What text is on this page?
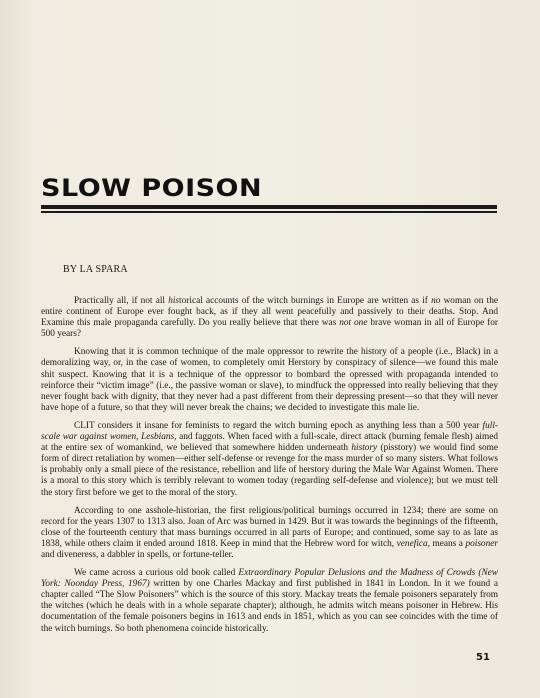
SLOW POISON

BY LA SPARA

Practically all, if not all historical accounts of the witch burnings in Europe are written as if no woman on the entire continent of Europe ever fought back, as if they all went peacefully and passively to their deaths. Stop. And Examine this male propaganda carefully. Do you really believe that there was not one brave woman in all of Europe for 500 years?

Knowing that it is common technique of the male oppressor to rewrite the history of a people (i.e., Black) in a demoralizing way, or, in the case of women, to completely omit Herstory by conspiracy of silence—we found this male shit suspect. Knowing that it is a technique of the oppressor to bombard the opressed with propaganda intended to reinforce their “victim image” (i.e., the passive woman or slave), to mindfuck the oppressed into really believing that they never fought back with dignity, that they never had a past different from their depressing present—so that they will never have hope of a future, so that they will never break the chains; we decided to investigate this male lie.

CLIT considers it insane for feminists to regard the witch burning epoch as anything less than a 500 year full-scale war against women, Lesbians, and faggots. When faced with a full-scale, direct attack (burning female flesh) aimed at the entire sex of womankind, we believed that somewhere hidden underneath history (pisstory) we would find some form of direct retaliation by women—either self-defense or revenge for the mass murder of so many sisters. What follows is probably only a small piece of the resistance, rebellion and life of herstory during the Male War Against Women. There is a moral to this story which is terribly relevant to women today (regarding self-defense and violence); but we must tell the story first before we get to the moral of the story.

According to one asshole-historian, the first religious/political burnings occurred in 1234; there are some on record for the years 1307 to 1313 also. Joan of Arc was burned in 1429. But it was towards the beginnings of the fifteenth, close of the fourteenth century that mass burnings occurred in all parts of Europe; and continued, some say to as late as 1838, while others claim it ended around 1818. Keep in mind that the Hebrew word for witch, venefica, means a poisoner and diveneress, a dabbler in spells, or fortune-teller.

We came across a curious old book called Extraordinary Popular Delusions and the Madness of Crowds (New York: Noonday Press, 1967) written by one Charles Mackay and first published in 1841 in London. In it we found a chapter called “The Slow Poisoners” which is the source of this story. Mackay treats the female poisoners separately from the witches (which he deals with in a whole separate chapter); although, he admits witch means poisoner in Hebrew. His documentation of the female poisoners begins in 1613 and ends in 1851, which as you can see coincides with the time of the witch burnings. So both phenomena coincide historically.

51
